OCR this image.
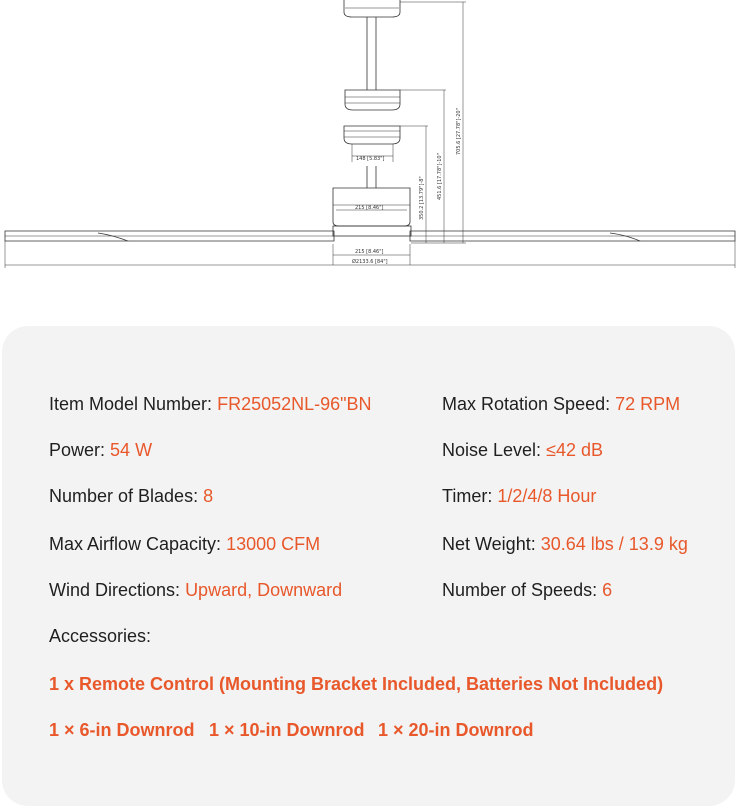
148 [5.83"]
215 [8.46"]
215 [8.46"]
Ø2133.6 [84"]
350.2 [13.79"]-8" 451.6 [17.78"]-10"
705.6 [27.78"]-20"
Item Model Number: FR25052NL-96"BN
Power: 54 W
Number of Blades: 8
Max Airflow Capacity: 13000 CFM
Wind Directions: Upward, Downward
Max Rotation Speed: 72 RPM
Noise Level: ≤42 dB
Timer: 1/2/4/8 Hour
Net Weight: 30.64 lbs / 13.9 kg
Number of Speeds: 6
Accessories:
1 x Remote Control (Mounting Bracket Included, Batteries Not Included)
1 × 6-in Downrod 1 × 10-in Downrod 1 × 20-in Downrod
